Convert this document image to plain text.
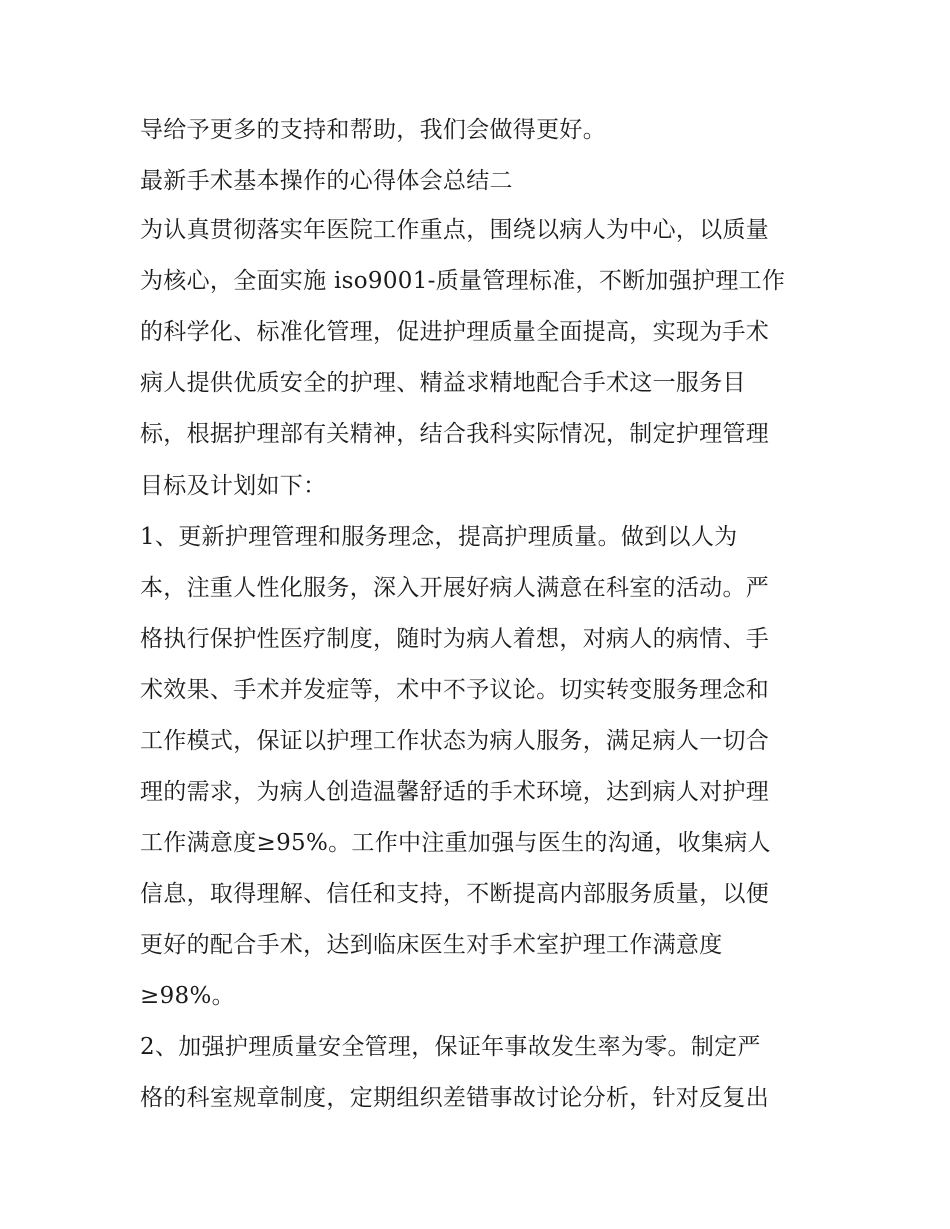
导给予更多的支持和帮助，我们会做得更好。
最新手术基本操作的心得体会总结二
为认真贯彻落实年医院工作重点，围绕以病人为中心，以质量
为核心，全面实施 iso9001-质量管理标准，不断加强护理工作
的科学化、标准化管理，促进护理质量全面提高，实现为手术
病人提供优质安全的护理、精益求精地配合手术这一服务目
标，根据护理部有关精神，结合我科实际情况，制定护理管理
目标及计划如下：
1、更新护理管理和服务理念，提高护理质量。做到以人为
本，注重人性化服务，深入开展好病人满意在科室的活动。严
格执行保护性医疗制度，随时为病人着想，对病人的病情、手
术效果、手术并发症等，术中不予议论。切实转变服务理念和
工作模式，保证以护理工作状态为病人服务，满足病人一切合
理的需求，为病人创造温馨舒适的手术环境，达到病人对护理
工作满意度≥95%。工作中注重加强与医生的沟通，收集病人
信息，取得理解、信任和支持，不断提高内部服务质量，以便
更好的配合手术，达到临床医生对手术室护理工作满意度
≥98%。
2、加强护理质量安全管理，保证年事故发生率为零。制定严
格的科室规章制度，定期组织差错事故讨论分析，针对反复出
